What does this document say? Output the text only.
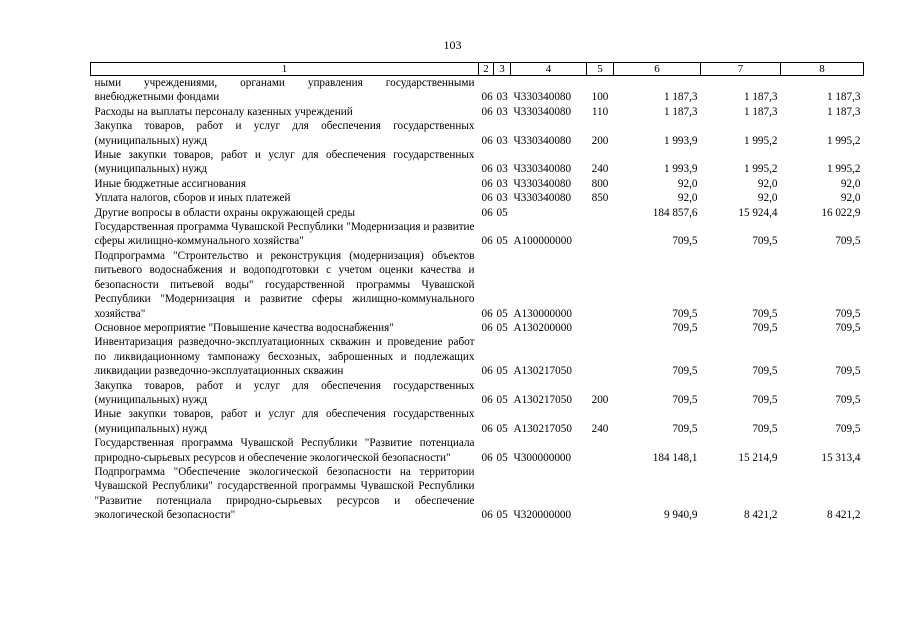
103
1	2	3	4	5	6	7	8
ными учреждениями, органами управления государственными внебюджетными фондами	06	03	Ч330340080	100	1 187,3	1 187,3	1 187,3
Расходы на выплаты персоналу казенных учреждений	06	03	Ч330340080	110	1 187,3	1 187,3	1 187,3
Закупка товаров, работ и услуг для обеспечения государственных (муниципальных) нужд	06	03	Ч330340080	200	1 993,9	1 995,2	1 995,2
Иные закупки товаров, работ и услуг для обеспечения государственных (муниципальных) нужд	06	03	Ч330340080	240	1 993,9	1 995,2	1 995,2
Иные бюджетные ассигнования	06	03	Ч330340080	800	92,0	92,0	92,0
Уплата налогов, сборов и иных платежей	06	03	Ч330340080	850	92,0	92,0	92,0
Другие вопросы в области охраны окружающей среды	06	05			184 857,6	15 924,4	16 022,9
Государственная программа Чувашской Республики "Модернизация и развитие сферы жилищно-коммунального хозяйства"	06	05	A100000000		709,5	709,5	709,5
Подпрограмма "Строительство и реконструкция (модернизация) объектов питьевого водоснабжения и водоподготовки с учетом оценки качества и безопасности питьевой воды" государственной программы Чувашской Республики "Модернизация и развитие сферы жилищно-коммунального хозяйства"	06	05	A130000000		709,5	709,5	709,5
Основное мероприятие "Повышение качества водоснабжения"	06	05	A130200000		709,5	709,5	709,5
Инвентаризация разведочно-эксплуатационных скважин и проведение работ по ликвидационному тампонажу бесхозных, заброшенных и подлежащих ликвидации разведочно-эксплуатационных скважин	06	05	A130217050		709,5	709,5	709,5
Закупка товаров, работ и услуг для обеспечения государственных (муниципальных) нужд	06	05	A130217050	200	709,5	709,5	709,5
Иные закупки товаров, работ и услуг для обеспечения государственных (муниципальных) нужд	06	05	A130217050	240	709,5	709,5	709,5
Государственная программа Чувашской Республики "Развитие потенциала природно-сырьевых ресурсов и обеспечение экологической безопасности"	06	05	Ч300000000		184 148,1	15 214,9	15 313,4
Подпрограмма "Обеспечение экологической безопасности на территории Чувашской Республики" государственной программы Чувашской Республики "Развитие потенциала природно-сырьевых ресурсов и обеспечение экологической безопасности"	06	05	Ч320000000		9 940,9	8 421,2	8 421,2
